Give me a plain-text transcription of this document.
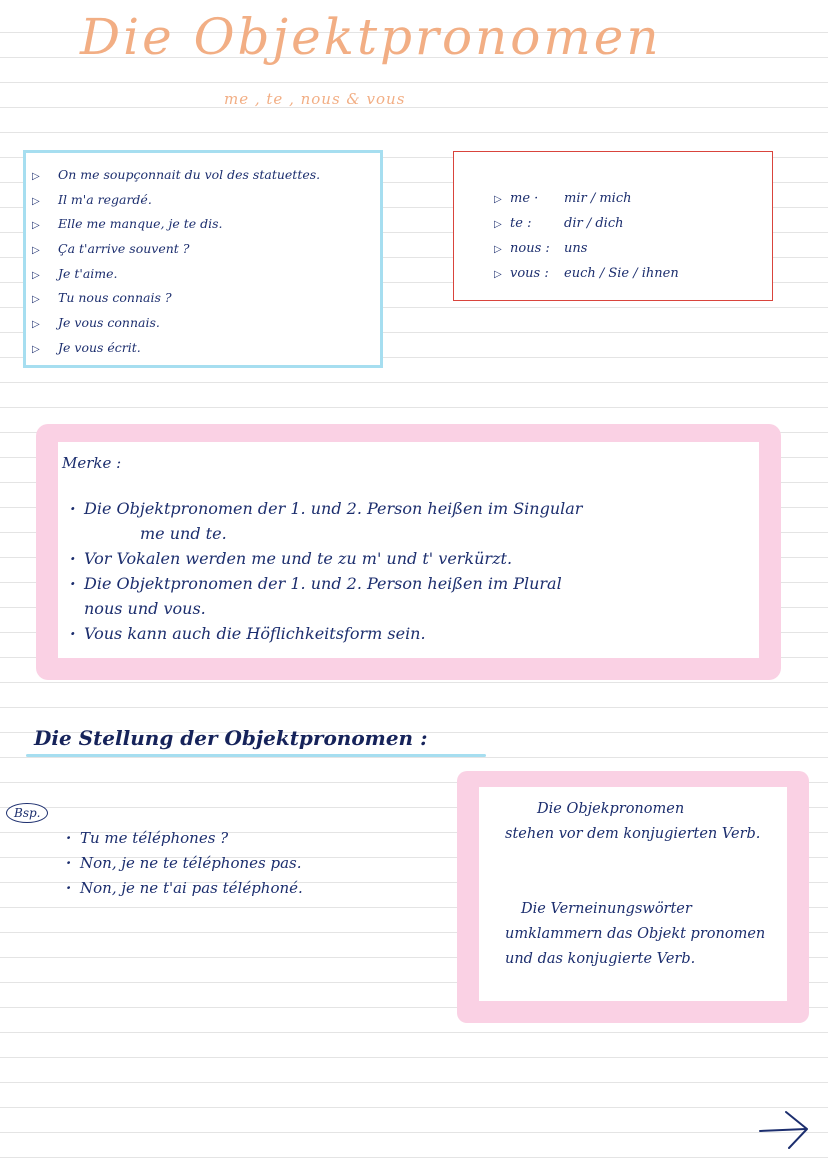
Die Objektpronomen
me , te , nous & vous
▷ On me soupçonnait du vol des statuettes.
▷ Il m'a regardé.
▷ Elle me manque, je te dis.
▷ Ça t'arrive souvent ?
▷ Je t'aime.
▷ Tu nous connais ?
▷ Je vous connais.
▷ Je vous écrit.
▷ me · mir / mich
▷ te :	dir / dich
▷ nous : uns
▷ vous : euch / Sie / ihnen
Merke :
· Die Objektpronomen der 1. und 2. Person heißen im Singular
me und te.
· Vor Vokalen werden me und te zu m' und t' verkürzt.
· Die Objektpronomen der 1. und 2. Person heißen im Plural
nous und vous.
· Vous kann auch die Höflichkeitsform sein.
Die Stellung der Objektpronomen :
Bsp.
· Tu me téléphones ?
· Non, je ne te téléphones pas.
· Non, je ne t'ai pas téléphoné.
Die Objekpronomen
stehen vor dem konjugierten Verb.
Die Verneinungswörter
umklammern das Objekt pronomen und das konjugierte Verb.
